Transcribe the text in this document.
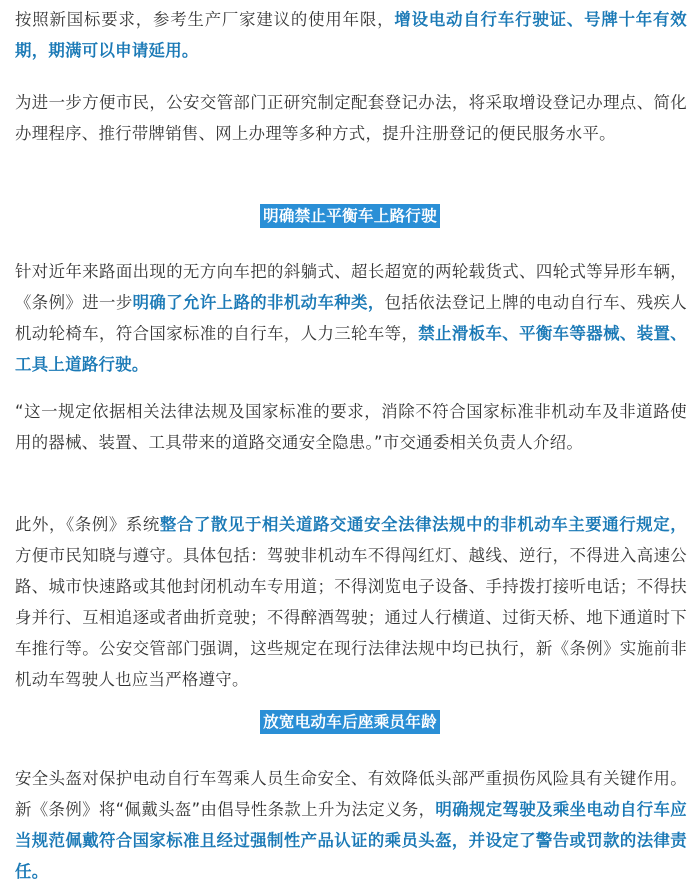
按照新国标要求，参考生产厂家建议的使用年限，增设电动自行车行驶证、号牌十年有效期，期满可以申请延用。

为进一步方便市民，公安交管部门正研究制定配套登记办法，将采取增设登记办理点、简化办理程序、推行带牌销售、网上办理等多种方式，提升注册登记的便民服务水平。

明确禁止平衡车上路行驶

针对近年来路面出现的无方向车把的斜躺式、超长超宽的两轮载货式、四轮式等异形车辆，《条例》进一步明确了允许上路的非机动车种类，包括依法登记上牌的电动自行车、残疾人机动轮椅车，符合国家标准的自行车，人力三轮车等，禁止滑板车、平衡车等器械、装置、工具上道路行驶。

“这一规定依据相关法律法规及国家标准的要求，消除不符合国家标准非机动车及非道路使用的器械、装置、工具带来的道路交通安全隐患。”市交通委相关负责人介绍。

此外，《条例》系统整合了散见于相关道路交通安全法律法规中的非机动车主要通行规定，方便市民知晓与遵守。具体包括：驾驶非机动车不得闯红灯、越线、逆行，不得进入高速公路、城市快速路或其他封闭机动车专用道；不得浏览电子设备、手持拨打接听电话；不得扶身并行、互相追逐或者曲折竞驶；不得醉酒驾驶；通过人行横道、过街天桥、地下通道时下车推行等。公安交管部门强调，这些规定在现行法律法规中均已执行，新《条例》实施前非机动车驾驶人也应当严格遵守。

放宽电动车后座乘员年龄

安全头盔对保护电动自行车驾乘人员生命安全、有效降低头部严重损伤风险具有关键作用。新《条例》将“佩戴头盔”由倡导性条款上升为法定义务，明确规定驾驶及乘坐电动自行车应当规范佩戴符合国家标准且经过强制性产品认证的乘员头盔，并设定了警告或罚款的法律责任。
